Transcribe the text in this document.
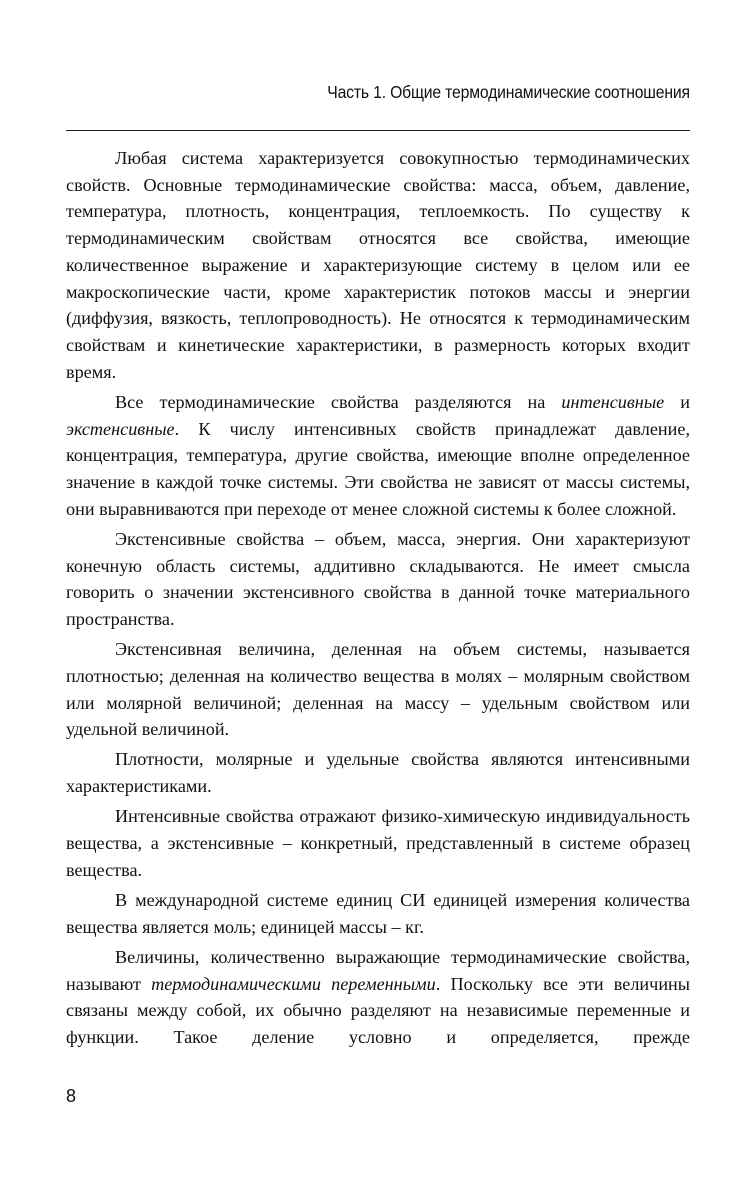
Часть 1. Общие термодинамические соотношения

Любая система характеризуется совокупностью термодинамических свойств. Основные термодинамические свойства: масса, объем, давление, температура, плотность, концентрация, теплоемкость. По существу к термодинамическим свойствам относятся все свойства, имеющие количественное выражение и характеризующие систему в целом или ее макроскопические части, кроме характеристик потоков массы и энергии (диффузия, вязкость, теплопроводность). Не относятся к термодинамическим свойствам и кинетические характеристики, в размерность которых входит время.

Все термодинамические свойства разделяются на интенсивные и экстенсивные. К числу интенсивных свойств принадлежат давление, концентрация, температура, другие свойства, имеющие вполне определенное значение в каждой точке системы. Эти свойства не зависят от массы системы, они выравниваются при переходе от менее сложной системы к более сложной.

Экстенсивные свойства – объем, масса, энергия. Они характеризуют конечную область системы, аддитивно складываются. Не имеет смысла говорить о значении экстенсивного свойства в данной точке материального пространства.

Экстенсивная величина, деленная на объем системы, называется плотностью; деленная на количество вещества в молях – молярным свойством или молярной величиной; деленная на массу – удельным свойством или удельной величиной.

Плотности, молярные и удельные свойства являются интенсивными характеристиками.

Интенсивные свойства отражают физико-химическую индивидуальность вещества, а экстенсивные – конкретный, представленный в системе образец вещества.

В международной системе единиц СИ единицей измерения количества вещества является моль; единицей массы – кг.

Величины, количественно выражающие термодинамические свойства, называют термодинамическими переменными. Поскольку все эти величины связаны между собой, их обычно разделяют на независимые переменные и функции. Такое деление условно и определяется, прежде

8
